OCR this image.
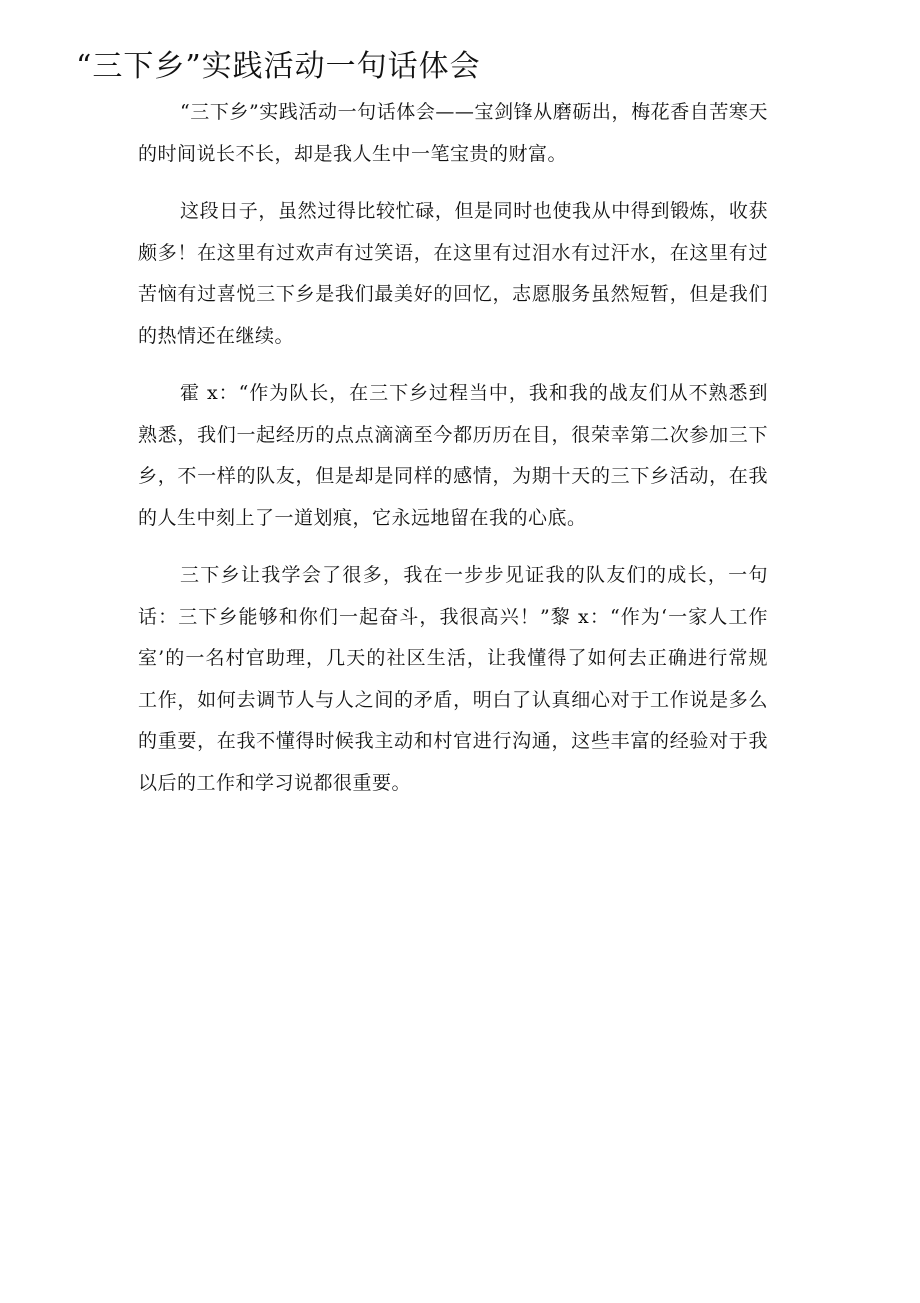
“三下乡”实践活动一句话体会

“三下乡”实践活动一句话体会——宝剑锋从磨砺出，梅花香自苦寒天的时间说长不长，却是我人生中一笔宝贵的财富。

这段日子，虽然过得比较忙碌，但是同时也使我从中得到锻炼，收获颇多！在这里有过欢声有过笑语，在这里有过泪水有过汗水，在这里有过苦恼有过喜悦三下乡是我们最美好的回忆，志愿服务虽然短暂，但是我们的热情还在继续。

霍 x：“作为队长，在三下乡过程当中，我和我的战友们从不熟悉到熟悉，我们一起经历的点点滴滴至今都历历在目，很荣幸第二次参加三下乡，不一样的队友，但是却是同样的感情，为期十天的三下乡活动，在我的人生中刻上了一道划痕，它永远地留在我的心底。

三下乡让我学会了很多，我在一步步见证我的队友们的成长，一句话：三下乡能够和你们一起奋斗，我很高兴！”黎 x：“作为‘一家人工作室’的一名村官助理，几天的社区生活，让我懂得了如何去正确进行常规工作，如何去调节人与人之间的矛盾，明白了认真细心对于工作说是多么的重要，在我不懂得时候我主动和村官进行沟通，这些丰富的经验对于我以后的工作和学习说都很重要。
